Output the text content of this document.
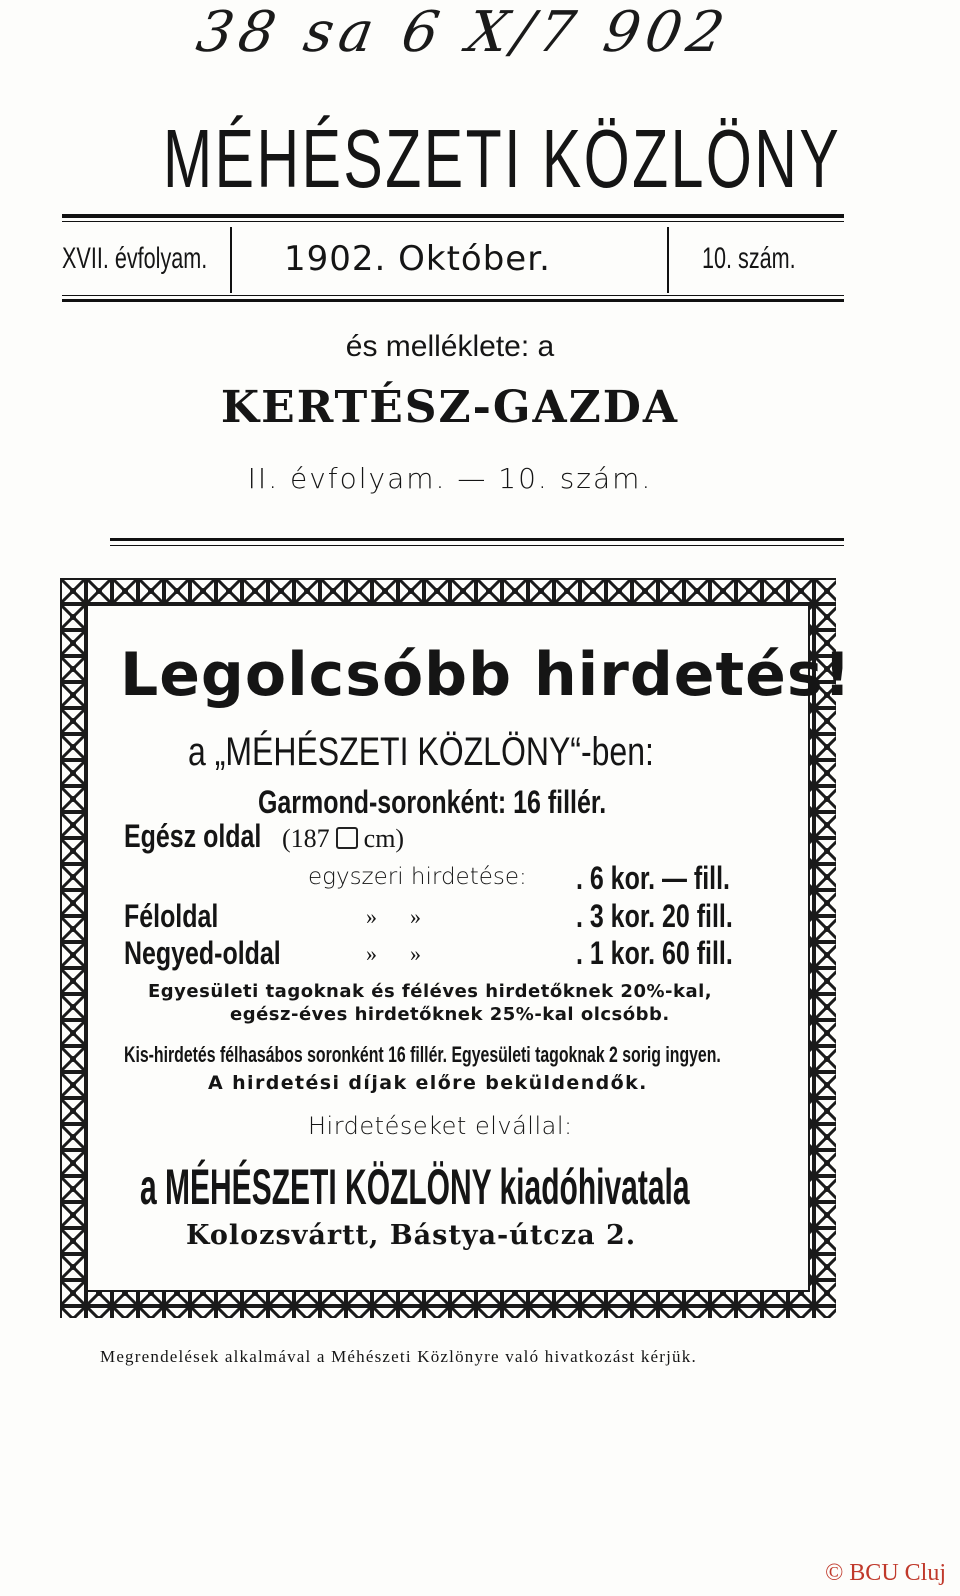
38 sa 6 X/7 902
MÉHÉSZETI KÖZLÖNY
XVII. évfolyam. 1902. Október.	10. szám.
és melléklete: a
KERTÉSZ-GAZDA
II. évfolyam. — 10. szám.
Legolcsóbb hirdetés!
a „MÉHÉSZETI KÖZLÖNY“-ben:
Garmond-soronként: 16 fillér.
Egész oldal (187 cm)
egyszeri hirdetése: . 6 kor. — fill.
Féloldal	»      »	. 3 kor. 20 fill.
Negyed-oldal	»      »	. 1 kor. 60 fill.
Egyesületi tagoknak és féléves hirdetőknek 20%-kal,
egész-éves hirdetőknek 25%-kal olcsóbb.
Kis-hirdetés félhasábos soronként 16 fillér. Egyesületi tagoknak 2 sorig ingyen.
A hirdetési díjak előre beküldendők.
Hirdetéseket elvállal:
a MÉHÉSZETI KÖZLÖNY kiadóhivatala
Kolozsvártt, Bástya-útcza 2.
Megrendelések alkalmával a Méhészeti Közlönyre való hivatkozást kérjük.
© BCU Cluj
